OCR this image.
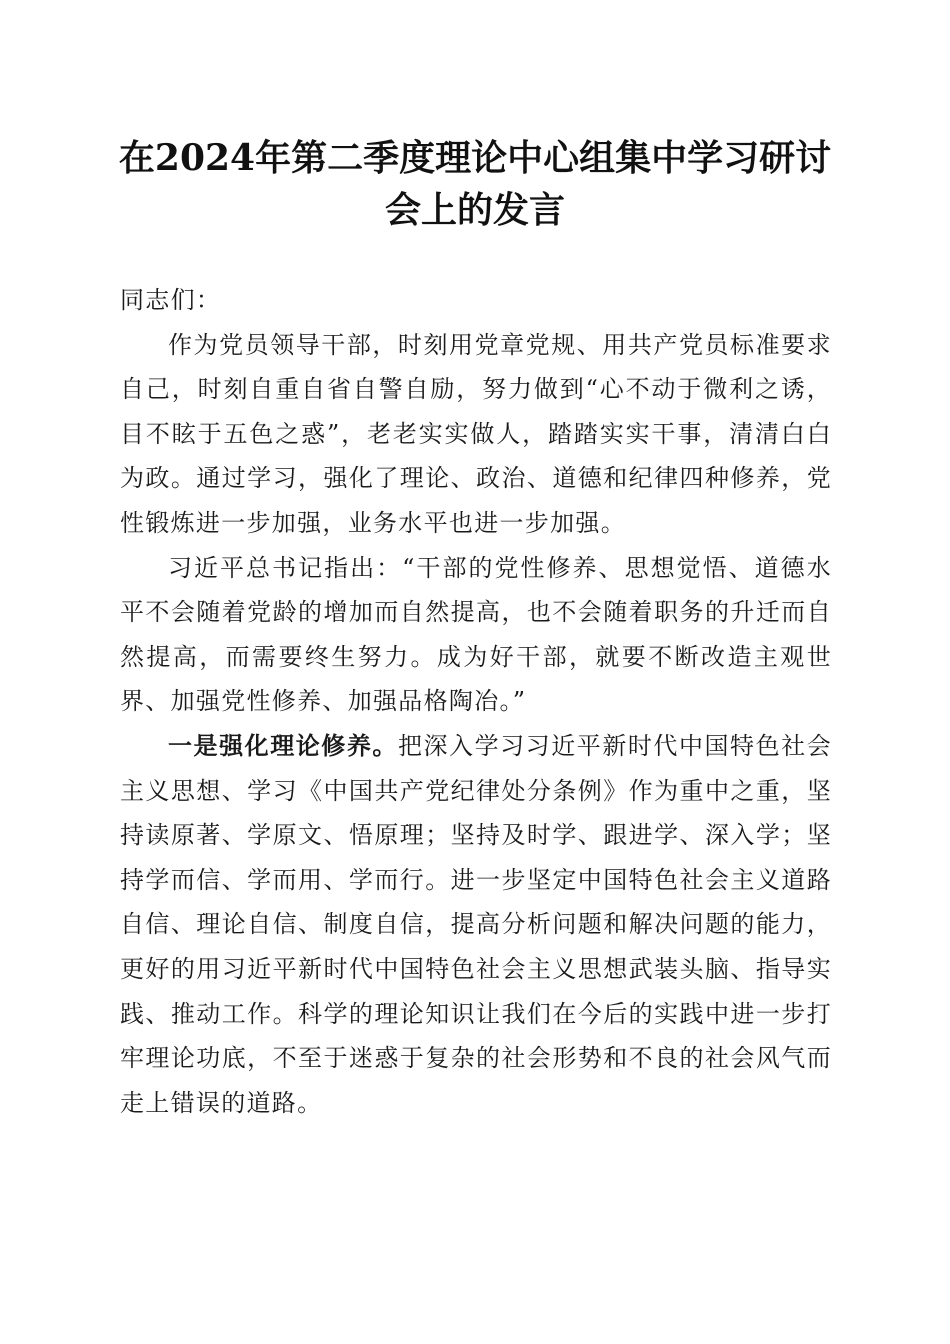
在2024年第二季度理论中心组集中学习研讨
会上的发言

同志们：

作为党员领导干部，时刻用党章党规、用共产党员标准要求自己，时刻自重自省自警自励，努力做到“心不动于微利之诱，目不眩于五色之惑”，老老实实做人，踏踏实实干事，清清白白为政。通过学习，强化了理论、政治、道德和纪律四种修养，党性锻炼进一步加强，业务水平也进一步加强。

习近平总书记指出：“干部的党性修养、思想觉悟、道德水平不会随着党龄的增加而自然提高，也不会随着职务的升迁而自然提高，而需要终生努力。成为好干部，就要不断改造主观世界、加强党性修养、加强品格陶冶。”

一是强化理论修养。把深入学习习近平新时代中国特色社会主义思想、学习《中国共产党纪律处分条例》作为重中之重，坚持读原著、学原文、悟原理；坚持及时学、跟进学、深入学；坚持学而信、学而用、学而行。进一步坚定中国特色社会主义道路自信、理论自信、制度自信，提高分析问题和解决问题的能力，更好的用习近平新时代中国特色社会主义思想武装头脑、指导实践、推动工作。科学的理论知识让我们在今后的实践中进一步打牢理论功底，不至于迷惑于复杂的社会形势和不良的社会风气而走上错误的道路。
